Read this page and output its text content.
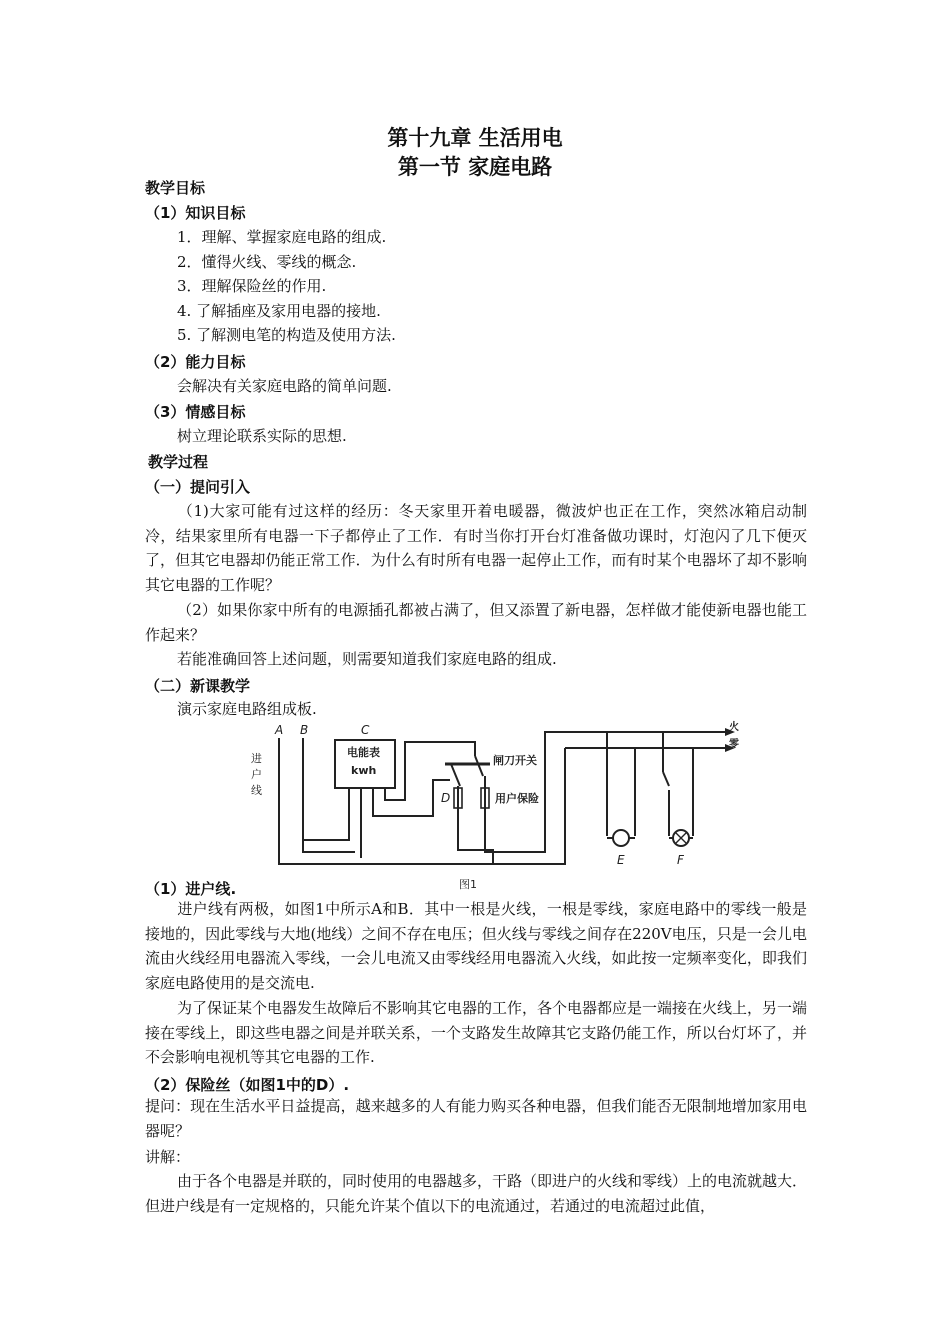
第十九章 生活用电
第一节 家庭电路
教学目标
（1）知识目标
1．理解、掌握家庭电路的组成.
2．懂得火线、零线的概念.
3．理解保险丝的作用.
4. 了解插座及家用电器的接地.
5. 了解测电笔的构造及使用方法.
（2）能力目标
会解决有关家庭电路的简单问题.
（3）情感目标
树立理论联系实际的思想.
教学过程
（一）提问引入
（1)大家可能有过这样的经历：冬天家里开着电暖器，微波炉也正在工作，突然冰箱启动制冷，结果家里所有电器一下子都停止了工作．有时当你打开台灯准备做功课时，灯泡闪了几下便灭了，但其它电器却仍能正常工作．为什么有时所有电器一起停止工作，而有时某个电器坏了却不影响其它电器的工作呢？
（2）如果你家中所有的电源插孔都被占满了，但又添置了新电器，怎样做才能使新电器也能工作起来？
若能准确回答上述问题，则需要知道我们家庭电路的组成.
（二）新课教学
演示家庭电路组成板.
A B	C
D
E	F
进
户
线
电能表
kwh
闸刀开关
用户保险
火
零
图1
（1）进户线.
进户线有两极，如图1中所示A和B．其中一根是火线，一根是零线，家庭电路中的零线一般是接地的，因此零线与大地(地线）之间不存在电压；但火线与零线之间存在220V电压，只是一会儿电流由火线经用电器流入零线，一会儿电流又由零线经用电器流入火线，如此按一定频率变化，即我们家庭电路使用的是交流电.
为了保证某个电器发生故障后不影响其它电器的工作，各个电器都应是一端接在火线上，另一端接在零线上，即这些电器之间是并联关系，一个支路发生故障其它支路仍能工作，所以台灯坏了，并不会影响电视机等其它电器的工作.
（2）保险丝（如图1中的D）.
提问：现在生活水平日益提高，越来越多的人有能力购买各种电器，但我们能否无限制地增加家用电器呢？
讲解：
由于各个电器是并联的，同时使用的电器越多，干路（即进户的火线和零线）上的电流就越大．但进户线是有一定规格的，只能允许某个值以下的电流通过，若通过的电流超过此值，
